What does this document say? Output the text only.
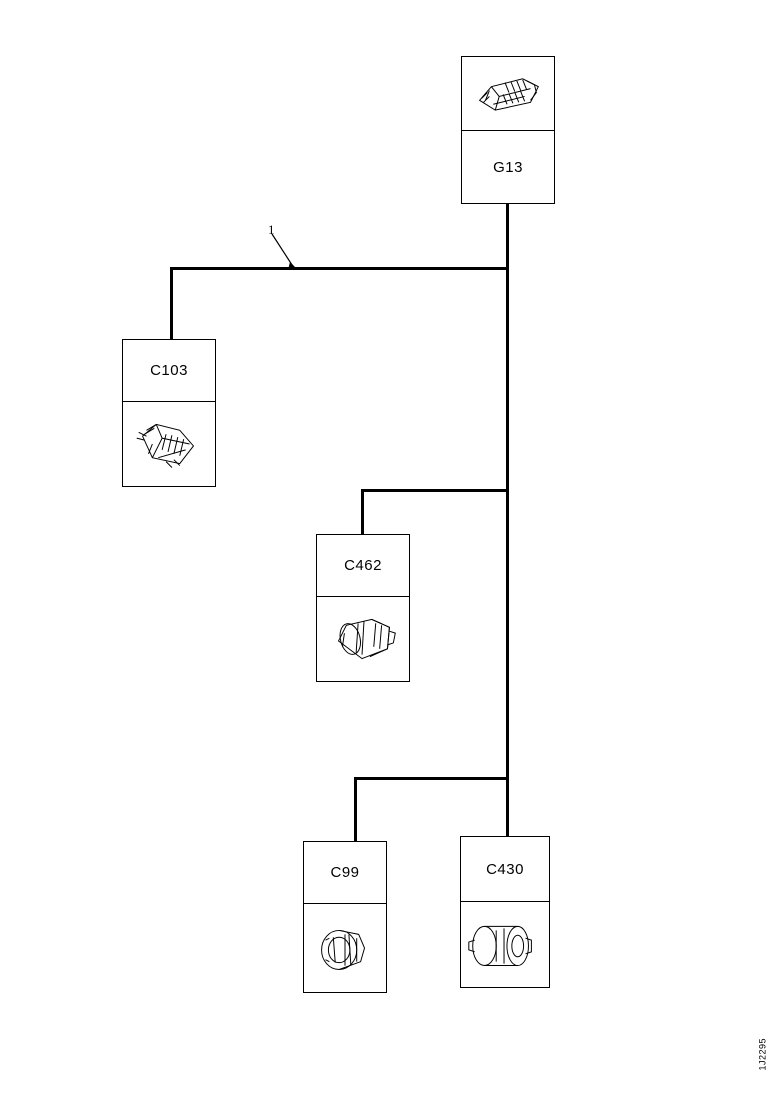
1
G13
C103
C462
C99	C430
1J2295
